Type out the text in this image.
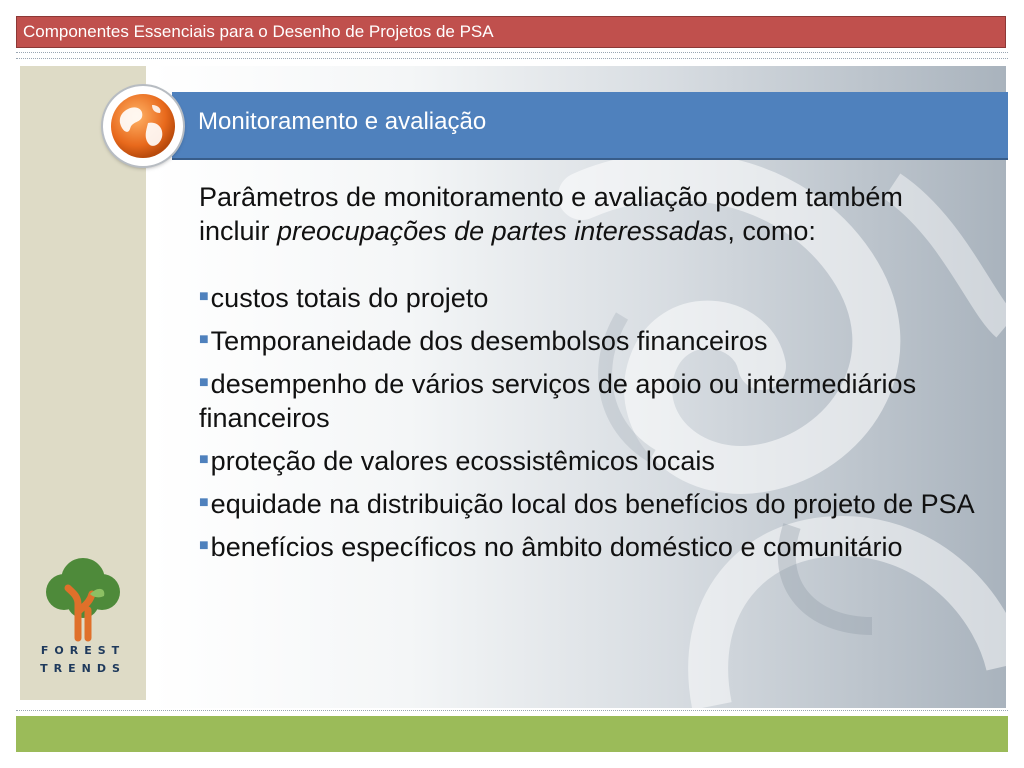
Componentes Essenciais para o Desenho de Projetos de PSA
Monitoramento e avaliação

Parâmetros de monitoramento e avaliação podem também incluir preocupações de partes interessadas, como:

■custos totais do projeto
■Temporaneidade dos desembolsos financeiros
■desempenho de vários serviços de apoio ou intermediários financeiros
■proteção de valores ecossistêmicos locais
■equidade na distribuição local dos benefícios do projeto de PSA
■benefícios específicos no âmbito doméstico e comunitário
FOREST
TRENDS
